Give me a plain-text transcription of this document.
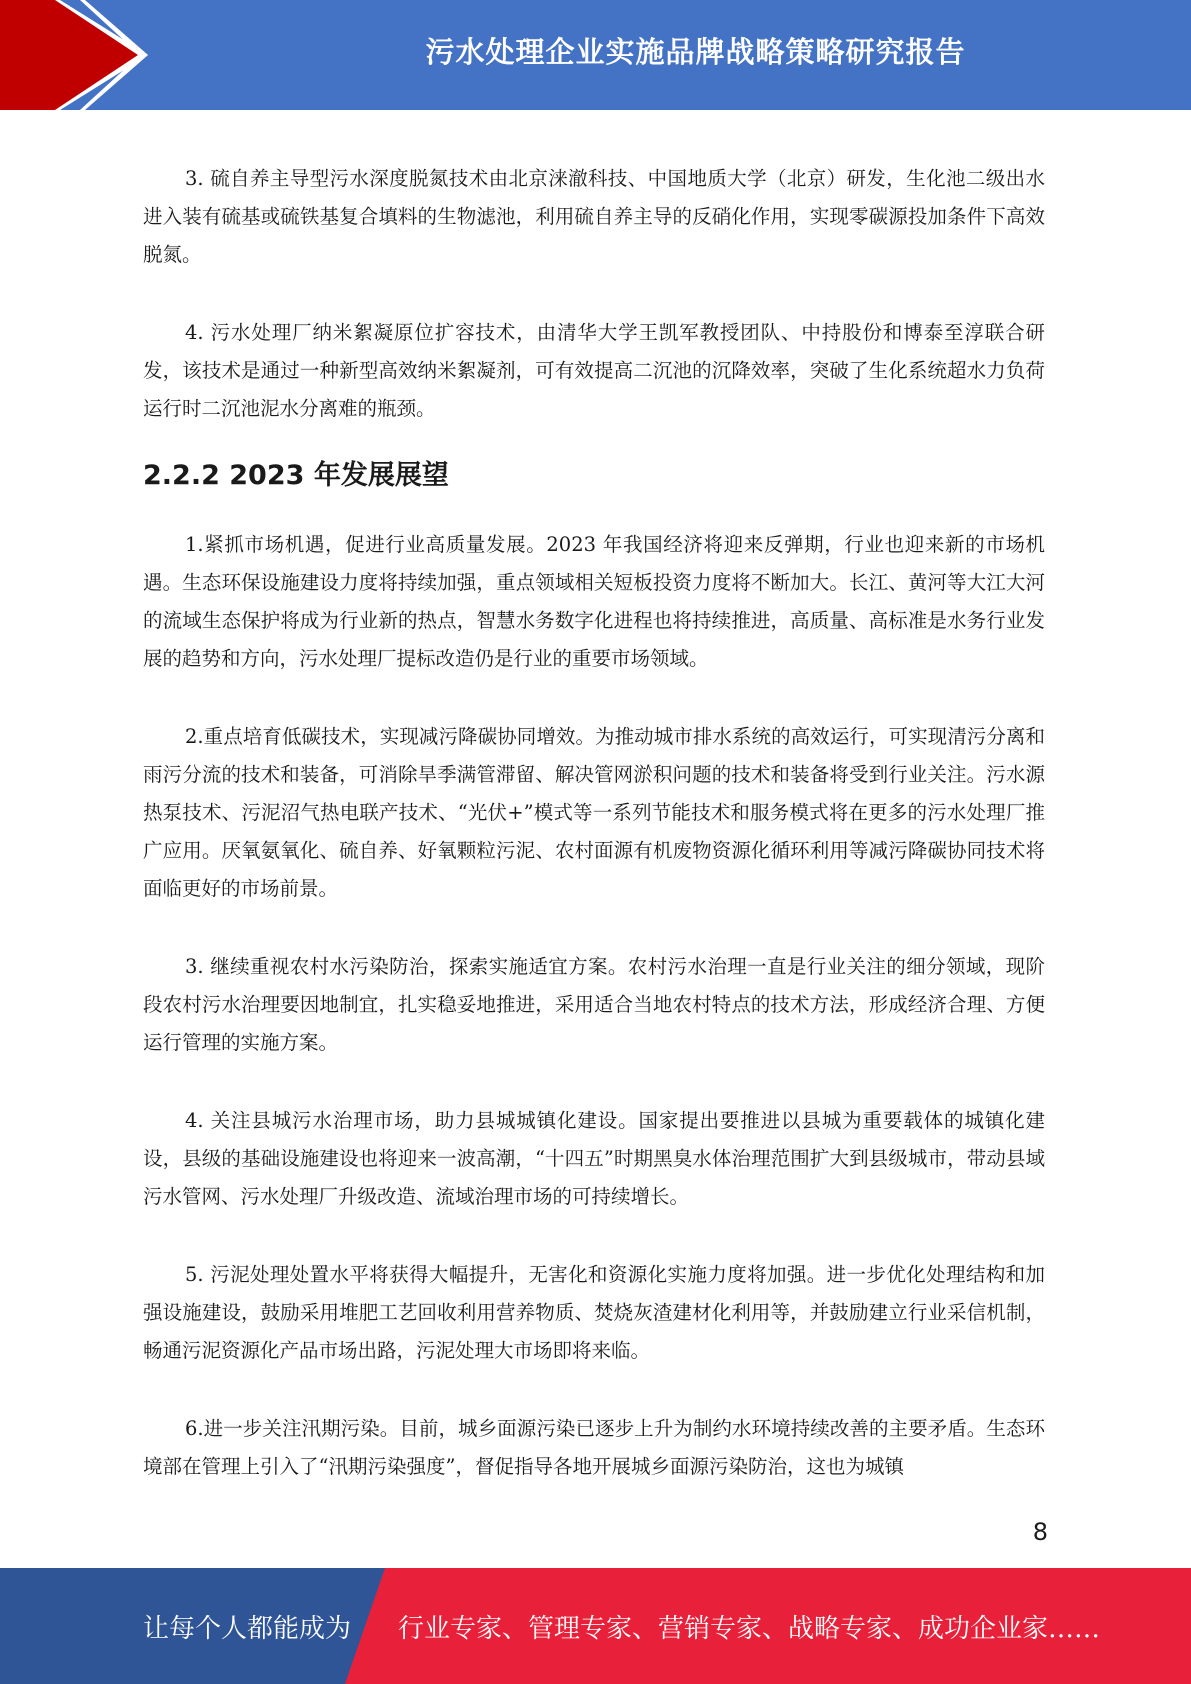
污水处理企业实施品牌战略策略研究报告

3. 硫自养主导型污水深度脱氮技术由北京涞澈科技、中国地质大学（北京）研发，生化池二级出水进入装有硫基或硫铁基复合填料的生物滤池，利用硫自养主导的反硝化作用，实现零碳源投加条件下高效脱氮。

4. 污水处理厂纳米絮凝原位扩容技术，由清华大学王凯军教授团队、中持股份和博泰至淳联合研发，该技术是通过一种新型高效纳米絮凝剂，可有效提高二沉池的沉降效率，突破了生化系统超水力负荷运行时二沉池泥水分离难的瓶颈。

2.2.2 2023 年发展展望

1.紧抓市场机遇，促进行业高质量发展。2023 年我国经济将迎来反弹期，行业也迎来新的市场机遇。生态环保设施建设力度将持续加强，重点领域相关短板投资力度将不断加大。长江、黄河等大江大河的流域生态保护将成为行业新的热点，智慧水务数字化进程也将持续推进，高质量、高标准是水务行业发展的趋势和方向，污水处理厂提标改造仍是行业的重要市场领域。

2.重点培育低碳技术，实现减污降碳协同增效。为推动城市排水系统的高效运行，可实现清污分离和雨污分流的技术和装备，可消除旱季满管滞留、解决管网淤积问题的技术和装备将受到行业关注。污水源热泵技术、污泥沼气热电联产技术、“光伏+”模式等一系列节能技术和服务模式将在更多的污水处理厂推广应用。厌氧氨氧化、硫自养、好氧颗粒污泥、农村面源有机废物资源化循环利用等减污降碳协同技术将面临更好的市场前景。

3. 继续重视农村水污染防治，探索实施适宜方案。农村污水治理一直是行业关注的细分领域，现阶段农村污水治理要因地制宜，扎实稳妥地推进，采用适合当地农村特点的技术方法，形成经济合理、方便运行管理的实施方案。

4. 关注县城污水治理市场，助力县城城镇化建设。国家提出要推进以县城为重要载体的城镇化建设，县级的基础设施建设也将迎来一波高潮，“十四五”时期黑臭水体治理范围扩大到县级城市，带动县域污水管网、污水处理厂升级改造、流域治理市场的可持续增长。

5. 污泥处理处置水平将获得大幅提升，无害化和资源化实施力度将加强。进一步优化处理结构和加强设施建设，鼓励采用堆肥工艺回收利用营养物质、焚烧灰渣建材化利用等，并鼓励建立行业采信机制，畅通污泥资源化产品市场出路，污泥处理大市场即将来临。

6.进一步关注汛期污染。目前，城乡面源污染已逐步上升为制约水环境持续改善的主要矛盾。生态环境部在管理上引入了“汛期污染强度”，督促指导各地开展城乡面源污染防治，这也为城镇

8
让每个人都能成为 行业专家、管理专家、营销专家、战略专家、成功企业家……
